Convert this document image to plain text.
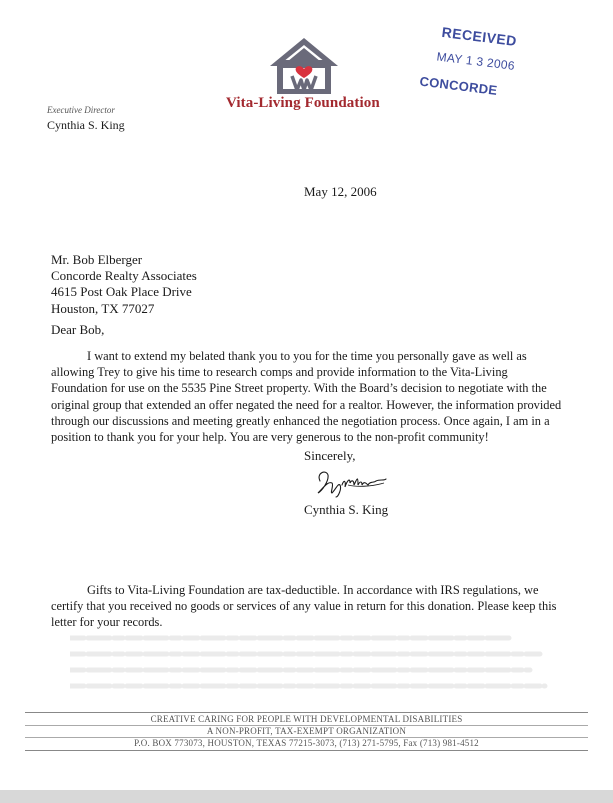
Vita-Living Foundation
Executive Director
Cynthia S. King
RECEIVED
MAY 1 3 2006
CONCORDE
May 12, 2006
Mr. Bob Elberger
Concorde Realty Associates
4615 Post Oak Place Drive
Houston, TX 77027
Dear Bob,
I want to extend my belated thank you to you for the time you personally gave as well as allowing Trey to give his time to research comps and provide information to the Vita-Living Foundation for use on the 5535 Pine Street property. With the Board’s decision to negotiate with the original group that extended an offer negated the need for a realtor. However, the information provided through our discussions and meeting greatly enhanced the negotiation process. Once again, I am in a position to thank you for your help. You are very generous to the non-profit community!
Sincerely,
Cynthia S. King
Gifts to Vita-Living Foundation are tax-deductible. In accordance with IRS regulations, we certify that you received no goods or services of any value in return for this donation. Please keep this letter for your records.
CREATIVE CARING FOR PEOPLE WITH DEVELOPMENTAL DISABILITIES
A NON-PROFIT, TAX-EXEMPT ORGANIZATION
P.O. BOX 773073, HOUSTON, TEXAS 77215-3073, (713) 271-5795, Fax (713) 981-4512
